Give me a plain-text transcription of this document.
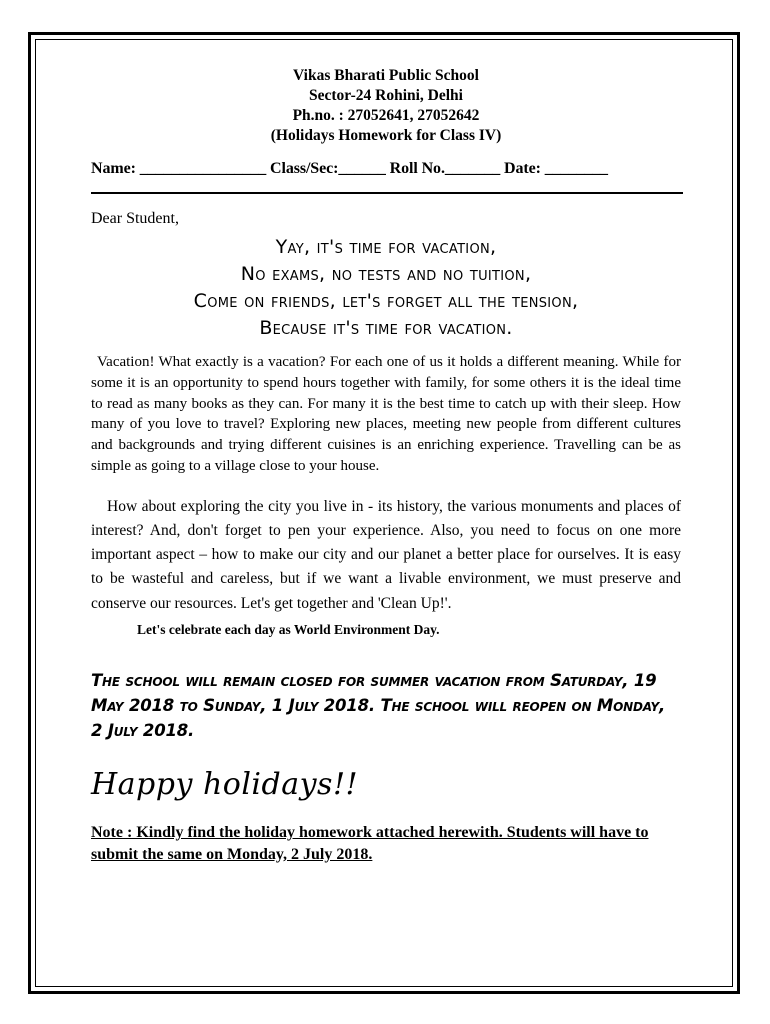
Vikas Bharati Public School
Sector-24 Rohini, Delhi
Ph.no. : 27052641, 27052642
(Holidays Homework for Class IV)
Name: ________________ Class/Sec:______ Roll No._______ Date: ________
Dear Student,
Yay, it's time for vacation,
No exams, no tests and no tuition,
Come on friends, let's forget all the tension,
Because it's time for vacation.
Vacation! What exactly is a vacation? For each one of us it holds a different meaning. While for some it is an opportunity to spend hours together with family, for some others it is the ideal time to read as many books as they can. For many it is the best time to catch up with their sleep. How many of you love to travel? Exploring new places, meeting new people from different cultures and backgrounds and trying different cuisines is an enriching experience. Travelling can be as simple as going to a village close to your house.
How about exploring the city you live in - its history, the various monuments and places of interest? And, don't forget to pen your experience. Also, you need to focus on one more important aspect – how to make our city and our planet a better place for ourselves. It is easy to be wasteful and careless, but if we want a livable environment, we must preserve and conserve our resources. Let's get together and 'Clean Up!'.
Let's celebrate each day as World Environment Day.
The school will remain closed for summer vacation from Saturday, 19 May 2018 to Sunday, 1 July 2018. The school will reopen on Monday, 2 July 2018.
Happy holidays!!
Note : Kindly find the holiday homework attached herewith. Students will have to submit the same on Monday, 2 July 2018.
